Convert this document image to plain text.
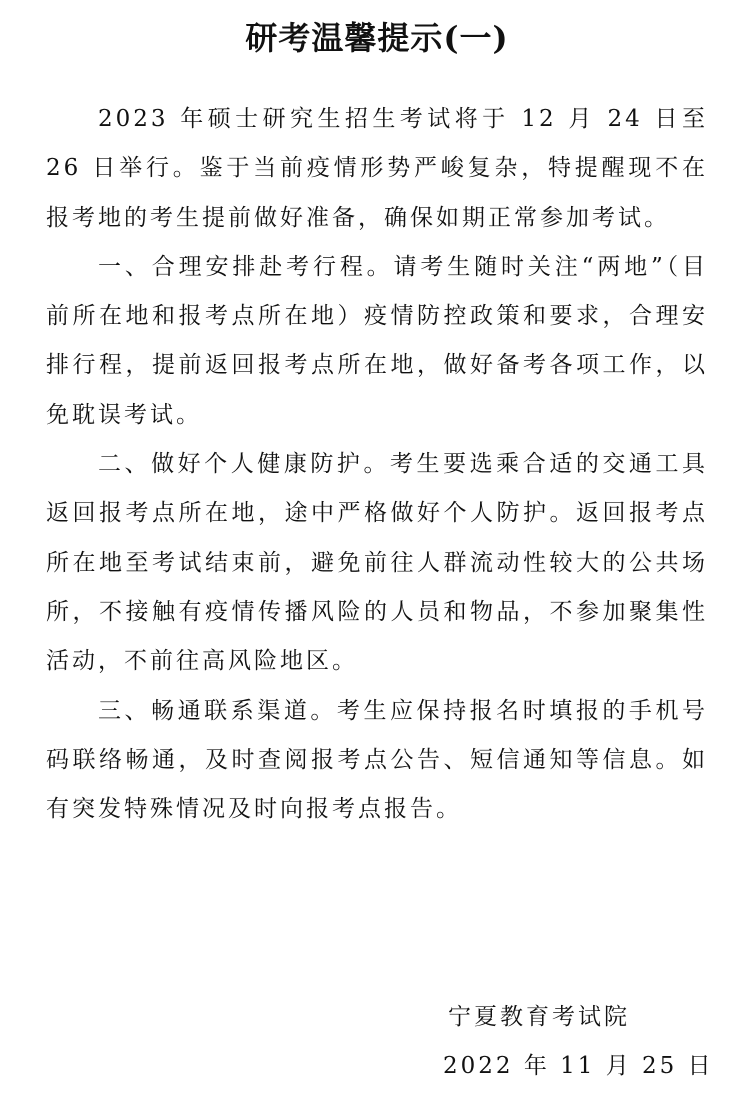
研考温馨提示(一)

2023 年硕士研究生招生考试将于 12 月 24 日至 26 日举行。鉴于当前疫情形势严峻复杂，特提醒现不在报考地的考生提前做好准备，确保如期正常参加考试。

一、合理安排赴考行程。请考生随时关注“两地”（目前所在地和报考点所在地）疫情防控政策和要求，合理安排行程，提前返回报考点所在地，做好备考各项工作，以免耽误考试。

二、做好个人健康防护。考生要选乘合适的交通工具返回报考点所在地，途中严格做好个人防护。返回报考点所在地至考试结束前，避免前往人群流动性较大的公共场所，不接触有疫情传播风险的人员和物品，不参加聚集性活动，不前往高风险地区。

三、畅通联系渠道。考生应保持报名时填报的手机号码联络畅通，及时查阅报考点公告、短信通知等信息。如有突发特殊情况及时向报考点报告。

宁夏教育考试院

2022 年 11 月 25 日
